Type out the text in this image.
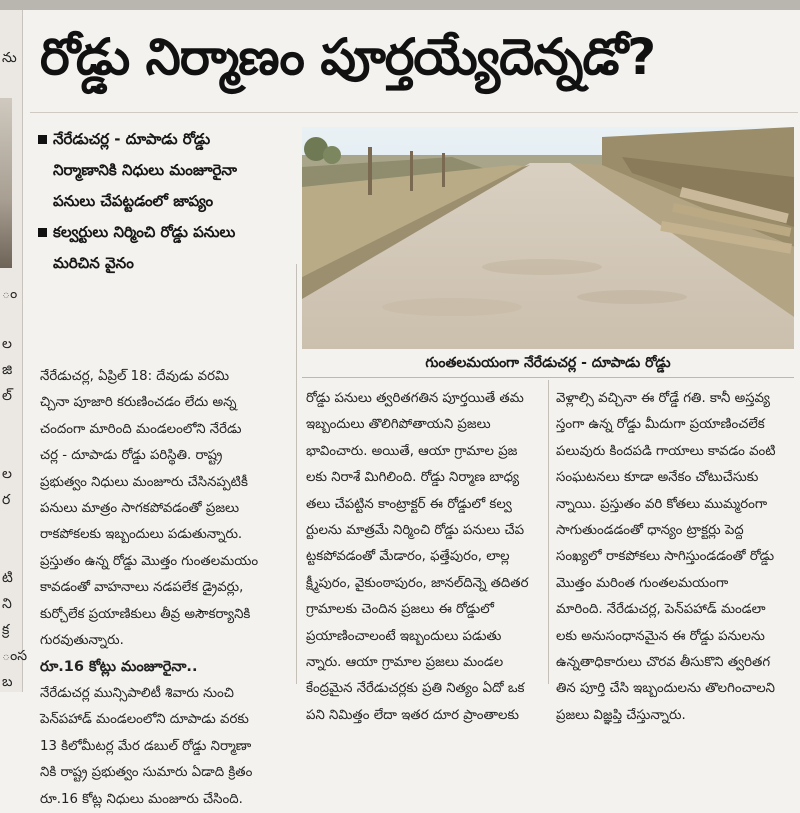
ను
ం
ల
జి
ల్
ల
ర
టి
ని
క్ర
ంస
బ
రోడ్డు నిర్మాణం పూర్తయ్యేదెన్నడో?
నేరేడుచర్ల - దూపాడు రోడ్డు
నిర్మాణానికి నిధులు మంజూరైనా
పనులు చేపట్టడంలో జాప్యం
కల్వర్టులు నిర్మించి రోడ్డు పనులు
మరిచిన వైనం
గుంతలమయంగా నేరేడుచర్ల - దూపాడు రోడ్డు

నేరేడుచర్ల, ఏప్రిల్ 18: దేవుడు వరమి

చ్చినా పూజారి కరుణించడం లేదు అన్న

చందంగా మారింది మండలంలోని నేరేడు

చర్ల - దూపాడు రోడ్డు పరిస్థితి. రాష్ట్ర

ప్రభుత్వం నిధులు మంజూరు చేసినప్పటికీ

పనులు మాత్రం సాగకపోవడంతో ప్రజలు

రాకపోకలకు ఇబ్బందులు పడుతున్నారు.

ప్రస్తుతం ఉన్న రోడ్డు మొత్తం గుంతలమయం

కావడంతో వాహనాలు నడపలేక డ్రైవర్లు,

కుర్చోలేక ప్రయాణికులు తీవ్ర అసౌకర్యానికి

గురవుతున్నారు.

రూ.16 కోట్లు మంజూరైనా..

నేరేడుచర్ల మున్సిపాలిటీ శివారు నుంచి

పెన్‌పహాడ్ మండలంలోని దూపాడు వరకు

13 కిలోమీటర్ల మేర డబుల్ రోడ్డు నిర్మాణా

నికి రాష్ట్ర ప్రభుత్వం సుమారు ఏడాది క్రితం

రూ.16 కోట్ల నిధులు మంజూరు చేసింది.

రోడ్డు పనులు త్వరితగతిన పూర్తయితే తమ

ఇబ్బందులు తొలిగిపోతాయని ప్రజలు

భావించారు. అయితే, ఆయా గ్రామాల ప్రజ

లకు నిరాశే మిగిలింది. రోడ్డు నిర్మాణ బాధ్య

తలు చేపట్టిన కాంట్రాక్టర్ ఈ రోడ్డులో కల్వ

ర్టులను మాత్రమే నిర్మించి రోడ్డు పనులు చేప

ట్టకపోవడంతో మేడారం, ఫత్తేపురం, లాల్ల

క్ష్మీపురం, వైకుంఠాపురం, జానల్‌దిన్నె తదితర

గ్రామాలకు చెందిన ప్రజలు ఈ రోడ్డులో

ప్రయాణించాలంటే ఇబ్బందులు పడుతు

న్నారు. ఆయా గ్రామాల ప్రజలు మండల

కేంద్రమైన నేరేడుచర్లకు ప్రతి నిత్యం ఏదో ఒక

పని నిమిత్తం లేదా ఇతర దూర ప్రాంతాలకు

వెళ్లాల్సి వచ్చినా ఈ రోడ్డే గతి. కానీ అస్తవ్య

స్తంగా ఉన్న రోడ్డు మీదుగా ప్రయాణించలేక

పలువురు కిందపడి గాయాలు కావడం వంటి

సంఘటనలు కూడా అనేకం చోటుచేసుకు

న్నాయి. ప్రస్తుతం వరి కోతలు ముమ్మరంగా

సాగుతుండడంతో ధాన్యం ట్రాక్టర్లు పెద్ద

సంఖ్యలో రాకపోకలు సాగిస్తుండడంతో రోడ్డు

మొత్తం మరింత గుంతలమయంగా

మారింది. నేరేడుచర్ల, పెన్‌పహాడ్ మండలా

లకు అనుసంధానమైన ఈ రోడ్డు పనులను

ఉన్నతాధికారులు చొరవ తీసుకొని త్వరితగ

తిన పూర్తి చేసి ఇబ్బందులను తొలగించాలని

ప్రజలు విజ్ఞప్తి చేస్తున్నారు.
